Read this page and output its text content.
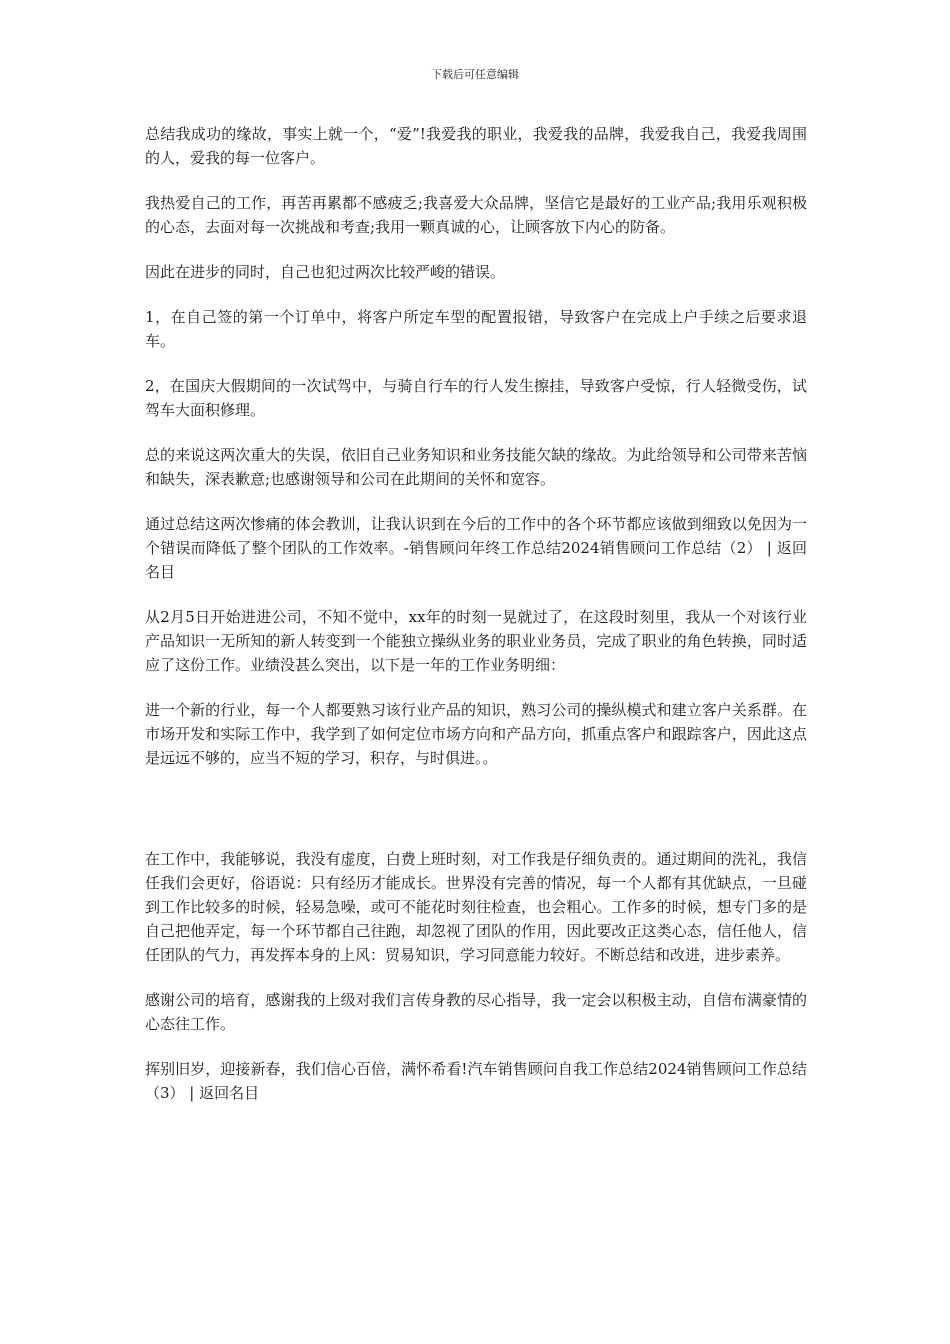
下载后可任意编辑

总结我成功的缘故，事实上就一个，“爱”!我爱我的职业，我爱我的品牌，我爱我自己，我爱我周围的人，爱我的每一位客户。

我热爱自己的工作，再苦再累都不感疲乏;我喜爱大众品牌，坚信它是最好的工业产品;我用乐观积极的心态，去面对每一次挑战和考查;我用一颗真诚的心，让顾客放下内心的防备。

因此在进步的同时，自己也犯过两次比较严峻的错误。

1，在自己签的第一个订单中，将客户所定车型的配置报错，导致客户在完成上户手续之后要求退车。

2，在国庆大假期间的一次试驾中，与骑自行车的行人发生擦挂，导致客户受惊，行人轻微受伤，试驾车大面积修理。

总的来说这两次重大的失误，依旧自己业务知识和业务技能欠缺的缘故。为此给领导和公司带来苦恼和缺失，深表歉意;也感谢领导和公司在此期间的关怀和宽容。

通过总结这两次惨痛的体会教训，让我认识到在今后的工作中的各个环节都应该做到细致以免因为一个错误而降低了整个团队的工作效率。-销售顾问年终工作总结2024销售顾问工作总结（2） | 返回名目

从2月5日开始进进公司，不知不觉中，xx年的时刻一晃就过了，在这段时刻里，我从一个对该行业产品知识一无所知的新人转变到一个能独立操纵业务的职业业务员，完成了职业的角色转换，同时适应了这份工作。业绩没甚么突出，以下是一年的工作业务明细：

进一个新的行业，每一个人都要熟习该行业产品的知识，熟习公司的操纵模式和建立客户关系群。在市场开发和实际工作中，我学到了如何定位市场方向和产品方向，抓重点客户和跟踪客户，因此这点是远远不够的，应当不短的学习，积存，与时俱进。。

在工作中，我能够说，我没有虚度，白费上班时刻，对工作我是仔细负责的。通过期间的洗礼，我信任我们会更好，俗语说：只有经历才能成长。世界没有完善的情况，每一个人都有其优缺点，一旦碰到工作比较多的时候，轻易急噪，或可不能花时刻往检查，也会粗心。工作多的时候，想专门多的是自己把他弄定，每一个环节都自己往跑，却忽视了团队的作用，因此要改正这类心态，信任他人，信任团队的气力，再发挥本身的上风：贸易知识，学习同意能力较好。不断总结和改进，进步素养。

感谢公司的培育，感谢我的上级对我们言传身教的尽心指导，我一定会以积极主动，自信布满豪情的心态往工作。

挥别旧岁，迎接新春，我们信心百倍，满怀希看!汽车销售顾问自我工作总结2024销售顾问工作总结（3） | 返回名目
